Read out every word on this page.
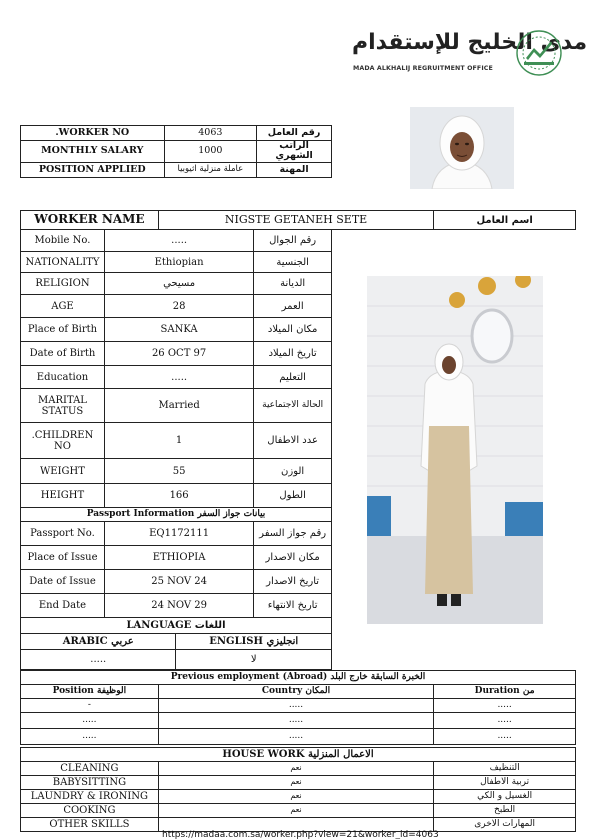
مدى الخليج للإستقدام
MADA ALKHALIJ REGRUITMENT OFFICE
.WORKER NO	4063	رقم العامل
MONTHLY SALARY	1000	الراتب الشهري
POSITION APPLIED	عاملة منزلية اثيوبيا	المهنة
WORKER NAME	NIGSTE GETANEH SETE	اسم العامل
Mobile No.	.....	رقم الجوال
NATIONALITY	Ethiopian	الجنسية
RELIGION	مسيحي	الديانة
AGE	28	العمر
Place of Birth	SANKA	مكان الميلاد
Date of Birth	26 OCT 97	تاريخ الميلاد
Education	.....	التعليم
MARITAL STATUS	Married	الحالة الاجتماعية
.CHILDREN NO	1	عدد الاطفال
WEIGHT	55	الوزن
HEIGHT	166	الطول
Passport Information بيانات جواز السفر		
Passport No.	EQ1172111	رقم جواز السفر
Place of Issue	ETHIOPIA	مكان الاصدار
Date of Issue	25 NOV 24	تاريخ الاصدار
End Date	24 NOV 29	تاريخ الانتهاء
LANGUAGE اللغات	
ARABIC عربي	ENGLISH انجليزي
.....	لا
Previous employment (Abroad) الخبرة السابقة خارج البلد		
Position الوظيفة	Country المكان	Duration من
-	.....	.....
.....	.....	.....
.....	.....	.....
HOUSE WORK الاعمال المنزلية		
CLEANING	نعم	التنظيف
BABYSITTING	نعم	تربية الاطفال
LAUNDRY & IRONING	نعم	الغسيل و الكي
COOKING	نعم	الطبخ
OTHER SKILLS		المهارات الاخرى
https://madaa.com.sa/worker.php?view=21&worker_id=4063
